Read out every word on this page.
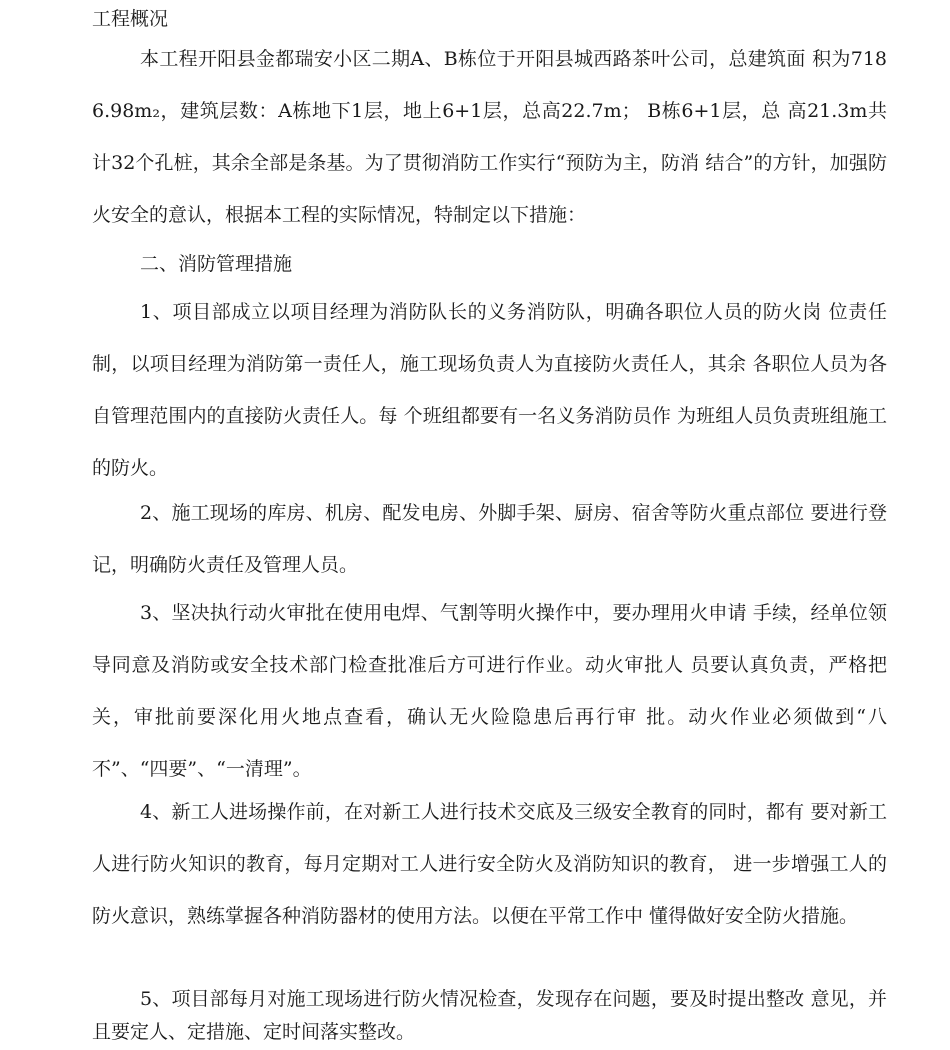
工程概况

本工程开阳县金都瑞安小区二期A、B栋位于开阳县城西路茶叶公司，总建筑面 积为7186.98m₂，建筑层数：A栋地下1层，地上6+1层，总高22.7m； B栋6+1层，总 高21.3m共计32个孔桩，其余全部是条基。为了贯彻消防工作实行“预防为主，防消 结合”的方针，加强防火安全的意认，根据本工程的实际情况，特制定以下措施：

二、消防管理措施

1、项目部成立以项目经理为消防队长的义务消防队，明确各职位人员的防火岗 位责任制，以项目经理为消防第一责任人，施工现场负责人为直接防火责任人，其余 各职位人员为各自管理范围内的直接防火责任人。每 个班组都要有一名义务消防员作 为班组人员负责班组施工的防火。

2、施工现场的库房、机房、配发电房、外脚手架、厨房、宿舍等防火重点部位 要进行登记，明确防火责任及管理人员。

3、坚决执行动火审批在使用电焊、气割等明火操作中，要办理用火申请 手续，经单位领导同意及消防或安全技术部门检查批准后方可进行作业。动火审批人 员要认真负责，严格把关，审批前要深化用火地点查看，确认无火险隐患后再行审 批。动火作业必须做到“八不”、“四要”、“一清理”。

4、新工人进场操作前，在对新工人进行技术交底及三级安全教育的同时，都有 要对新工人进行防火知识的教育，每月定期对工人进行安全防火及消防知识的教育， 进一步增强工人的防火意识，熟练掌握各种消防器材的使用方法。以便在平常工作中 懂得做好安全防火措施。

5、项目部每月对施工现场进行防火情况检查，发现存在问题，要及时提出整改 意见，并且要定人、定措施、定时间落实整改。
